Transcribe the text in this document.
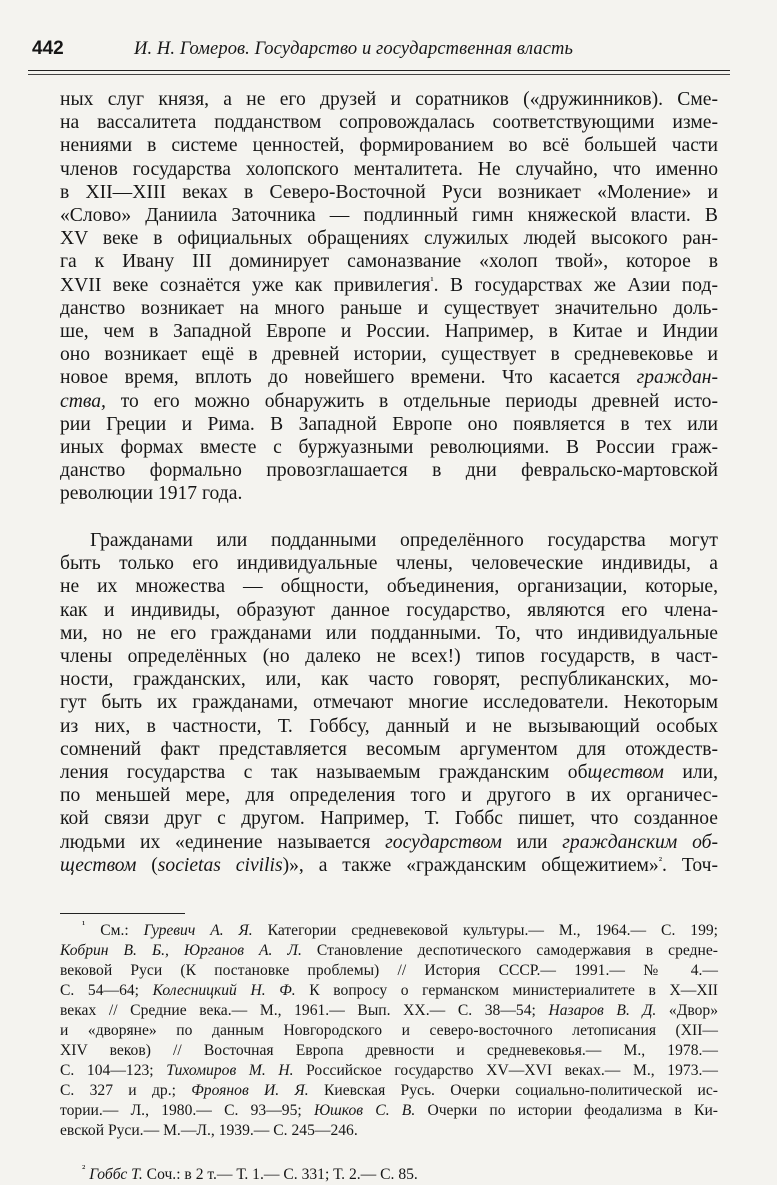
442	И. Н. Гомеров. Государство и государственная власть
ных слуг князя, а не его друзей и соратников («дружинников). Сме-
на вассалитета подданством сопровождалась соответствующими изме-
нениями в системе ценностей, формированием во всё большей части
членов государства холопского менталитета. Не случайно, что именно
в XII—XIII веках в Северо-Восточной Руси возникает «Моление» и
«Слово» Даниила Заточника — подлинный гимн княжеской власти. В
XV веке в официальных обращениях служилых людей высокого ран-
га к Ивану III доминирует самоназвание «холоп твой», которое в
XVII веке сознаётся уже как привилегия$^{^1}$. В государствах же Азии под-
данство возникает на много раньше и существует значительно доль-
ше, чем в Западной Европе и России. Например, в Китае и Индии
оно возникает ещё в древней истории, существует в средневековье и
новое время, вплоть до новейшего времени. Что касается граждан-
ства, то его можно обнаружить в отдельные периоды древней исто-
рии Греции и Рима. В Западной Европе оно появляется в тех или
иных формах вместе с буржуазными революциями. В России граж-
данство формально провозглашается в дни февральско-мартовской
революции 1917 года.
Гражданами или подданными определённого государства могут
быть только его индивидуальные члены, человеческие индивиды, а
не их множества — общности, объединения, организации, которые,
как и индивиды, образуют данное государство, являются его члена-
ми, но не его гражданами или подданными. То, что индивидуальные
члены определённых (но далеко не всех!) типов государств, в част-
ности, гражданских, или, как часто говорят, республиканских, мо-
гут быть их гражданами, отмечают многие исследователи. Некоторым
из них, в частности, Т. Гоббсу, данный и не вызывающий особых
сомнений факт представляется весомым аргументом для отождеств-
ления государства с так называемым гражданским обществом или,
по меньшей мере, для определения того и другого в их органичес-
кой связи друг с другом. Например, Т. Гоббс пишет, что созданное
людьми их «единение называется государством или гражданским об-
ществом (societas civilis)», а также «гражданским общежитием»$^{^2}$. Точ-
$^{^1}$ См.: Гуревич А. Я. Категории средневековой культуры.— М., 1964.— С. 199;
Кобрин В. Б., Юрганов А. Л. Становление деспотического самодержавия в средне-
вековой Руси (К постановке проблемы) // История СССР.— 1991.— № 4.—
С. 54—64; Колесницкий Н. Ф. К вопросу о германском министериалитете в X—XII
веках // Средние века.— М., 1961.— Вып. XX.— С. 38—54; Назаров В. Д. «Двор»
и «дворяне» по данным Новгородского и северо-восточного летописания (XII—
XIV веков) // Восточная Европа древности и средневековья.— М., 1978.—
С. 104—123; Тихомиров М. Н. Российское государство XV—XVI веках.— М., 1973.—
С. 327 и др.; Фроянов И. Я. Киевская Русь. Очерки социально-политической ис-
тории.— Л., 1980.— С. 93—95; Юшков С. В. Очерки по истории феодализма в Ки-
евской Руси.— М.—Л., 1939.— С. 245—246.
$^{^2}$ Гоббс Т. Соч.: в 2 т.— Т. 1.— С. 331; Т. 2.— С. 85.
